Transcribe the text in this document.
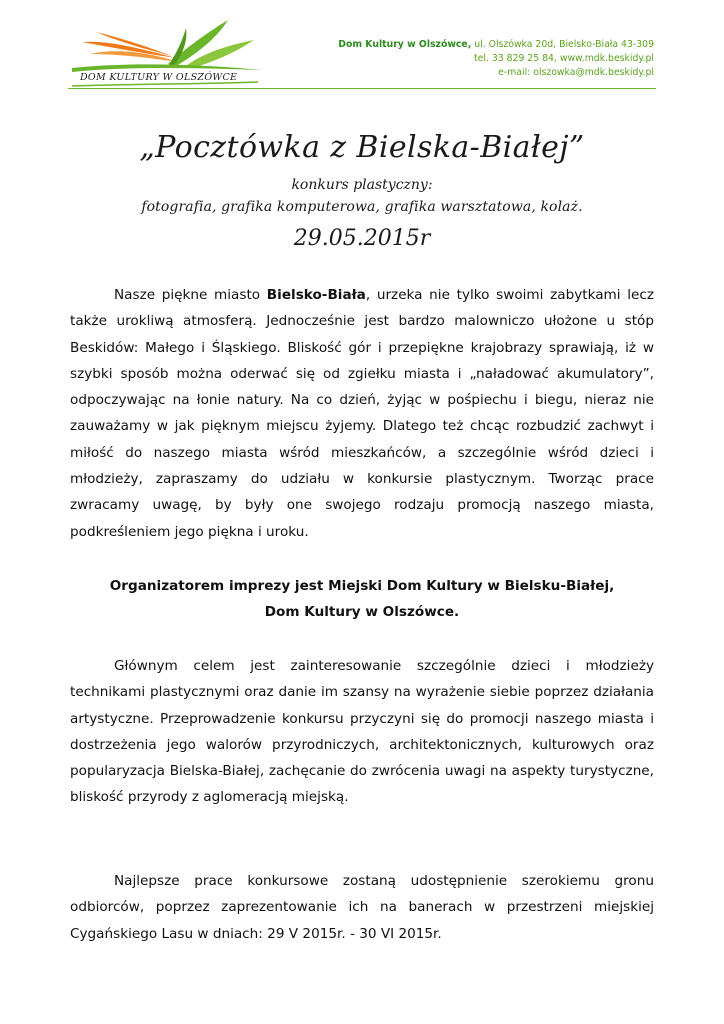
DOM KULTURY W OLSZÓWCE
Dom Kultury w Olszówce, ul. Olszówka 20d, Bielsko-Biała 43-309
tel. 33 829 25 84, www.mdk.beskidy.pl
e-mail: olszowka@mdk.beskidy.pl
„Pocztówka z Bielska-Białej”
konkurs plastyczny:
fotografia, grafika komputerowa, grafika warsztatowa, kolaż.
29.05.2015r
Nasze piękne miasto Bielsko-Biała, urzeka nie tylko swoimi zabytkami lecz także urokliwą atmosferą. Jednocześnie jest bardzo malowniczo ułożone u stóp Beskidów: Małego i Śląskiego. Bliskość gór i przepiękne krajobrazy sprawiają, iż w szybki sposób można oderwać się od zgiełku miasta i „naładować akumulatory”, odpoczywając na łonie natury. Na co dzień, żyjąc w pośpiechu i biegu, nieraz nie zauważamy w jak pięknym miejscu żyjemy. Dlatego też chcąc rozbudzić zachwyt i miłość do naszego miasta wśród mieszkańców, a szczególnie wśród dzieci i młodzieży, zapraszamy do udziału w konkursie plastycznym. Tworząc prace zwracamy uwagę, by były one swojego rodzaju promocją naszego miasta, podkreśleniem jego piękna i uroku.
Organizatorem imprezy jest Miejski Dom Kultury w Bielsku-Białej,
Dom Kultury w Olszówce.
Głównym celem jest zainteresowanie szczególnie dzieci i młodzieży technikami plastycznymi oraz danie im szansy na wyrażenie siebie poprzez działania artystyczne. Przeprowadzenie konkursu przyczyni się do promocji naszego miasta i dostrzeżenia jego walorów przyrodniczych, architektonicznych, kulturowych oraz popularyzacja Bielska-Białej, zachęcanie do zwrócenia uwagi na aspekty turystyczne, bliskość przyrody z aglomeracją miejską.
Najlepsze prace konkursowe zostaną udostępnienie szerokiemu gronu odbiorców, poprzez zaprezentowanie ich na banerach w przestrzeni miejskiej Cygańskiego Lasu w dniach: 29 V 2015r. - 30 VI 2015r.
